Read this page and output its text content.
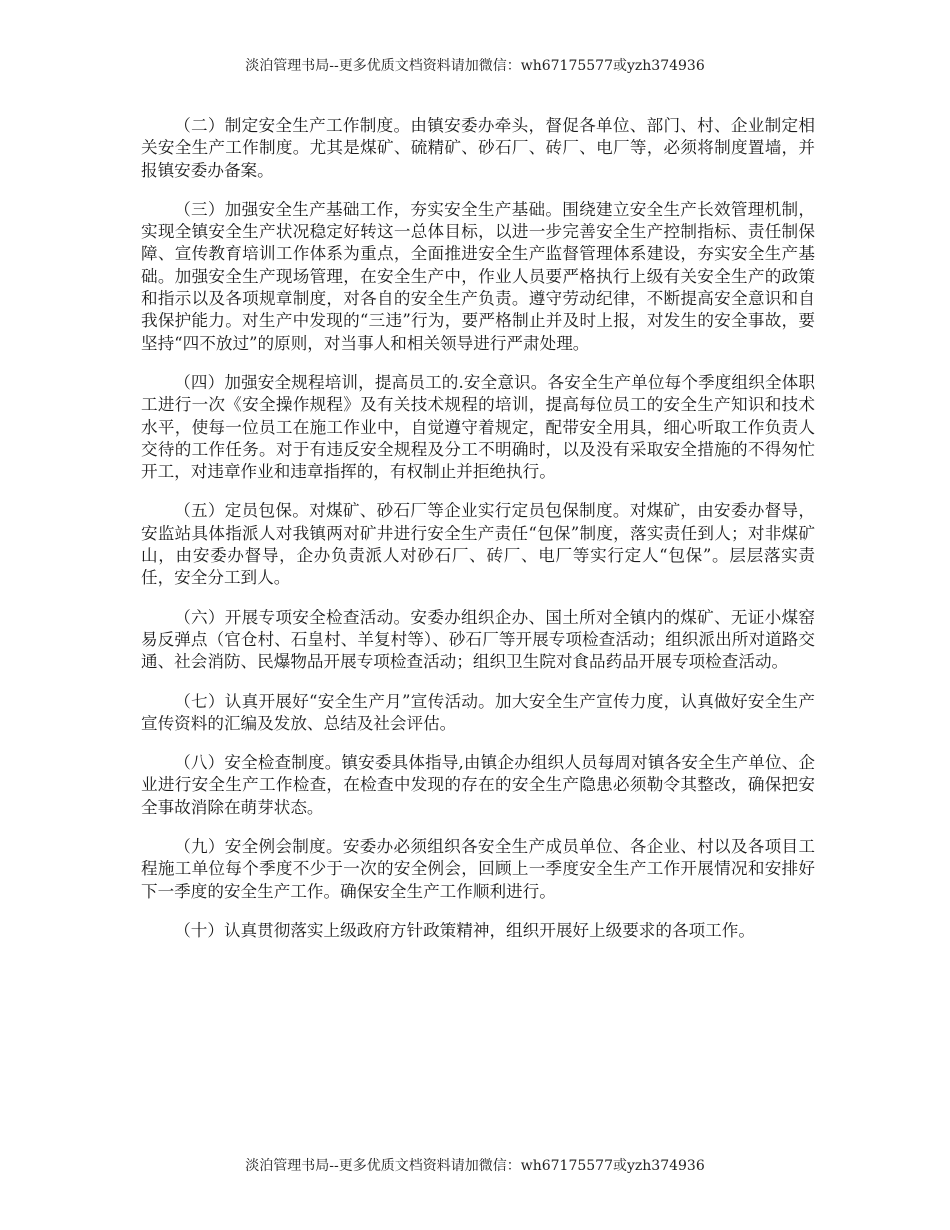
淡泊管理书局--更多优质文档资料请加微信：wh67175577或yzh374936

（二）制定安全生产工作制度。由镇安委办牵头，督促各单位、部门、村、企业制定相关安全生产工作制度。尤其是煤矿、硫精矿、砂石厂、砖厂、电厂等，必须将制度置墙，并报镇安委办备案。

（三）加强安全生产基础工作，夯实安全生产基础。围绕建立安全生产长效管理机制，实现全镇安全生产状况稳定好转这一总体目标，以进一步完善安全生产控制指标、责任制保障、宣传教育培训工作体系为重点，全面推进安全生产监督管理体系建设，夯实安全生产基础。加强安全生产现场管理，在安全生产中，作业人员要严格执行上级有关安全生产的政策和指示以及各项规章制度，对各自的安全生产负责。遵守劳动纪律，不断提高安全意识和自我保护能力。对生产中发现的“三违”行为，要严格制止并及时上报，对发生的安全事故，要坚持“四不放过”的原则，对当事人和相关领导进行严肃处理。

（四）加强安全规程培训，提高员工的.安全意识。各安全生产单位每个季度组织全体职工进行一次《安全操作规程》及有关技术规程的培训，提高每位员工的安全生产知识和技术水平，使每一位员工在施工作业中，自觉遵守着规定，配带安全用具，细心听取工作负责人交待的工作任务。对于有违反安全规程及分工不明确时，以及没有采取安全措施的不得匆忙开工，对违章作业和违章指挥的，有权制止并拒绝执行。

（五）定员包保。对煤矿、砂石厂等企业实行定员包保制度。对煤矿，由安委办督导，安监站具体指派人对我镇两对矿井进行安全生产责任“包保”制度，落实责任到人；对非煤矿山，由安委办督导，企办负责派人对砂石厂、砖厂、电厂等实行定人“包保”。层层落实责任，安全分工到人。

（六）开展专项安全检查活动。安委办组织企办、国土所对全镇内的煤矿、无证小煤窑易反弹点（官仓村、石皇村、羊复村等）、砂石厂等开展专项检查活动；组织派出所对道路交通、社会消防、民爆物品开展专项检查活动；组织卫生院对食品药品开展专项检查活动。

（七）认真开展好“安全生产月”宣传活动。加大安全生产宣传力度，认真做好安全生产宣传资料的汇编及发放、总结及社会评估。

（八）安全检查制度。镇安委具体指导,由镇企办组织人员每周对镇各安全生产单位、企业进行安全生产工作检查，在检查中发现的存在的安全生产隐患必须勒令其整改，确保把安全事故消除在萌芽状态。

（九）安全例会制度。安委办必须组织各安全生产成员单位、各企业、村以及各项目工程施工单位每个季度不少于一次的安全例会，回顾上一季度安全生产工作开展情况和安排好下一季度的安全生产工作。确保安全生产工作顺利进行。

（十）认真贯彻落实上级政府方针政策精神，组织开展好上级要求的各项工作。

淡泊管理书局--更多优质文档资料请加微信：wh67175577或yzh374936
